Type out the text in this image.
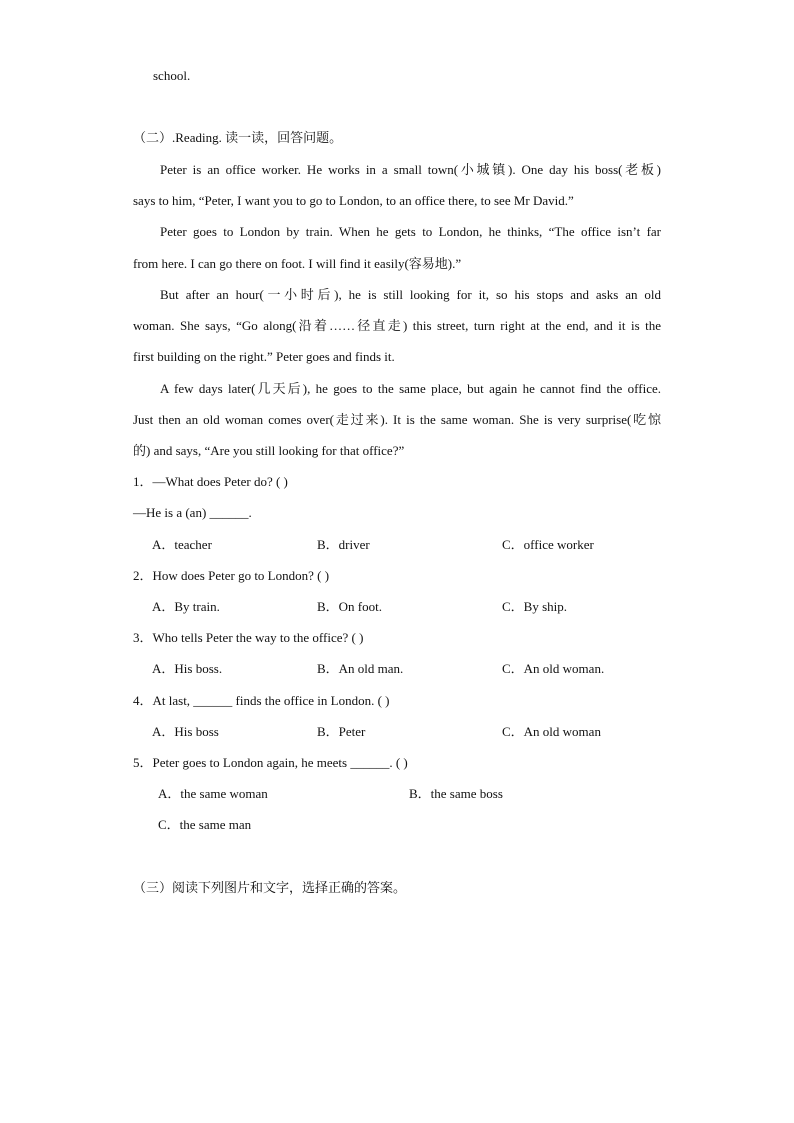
school.
（二）.Reading. 读一读，回答问题。
Peter is an office worker. He works in a small town(小城镇). One day his boss(老板)
says to him, “Peter, I want you to go to London, to an office there, to see Mr David.”
Peter goes to London by train. When he gets to London, he thinks, “The office isn’t far
from here. I can go there on foot. I will find it easily(容易地).”
But after an hour(一小时后), he is still looking for it, so his stops and asks an old
woman. She says, “Go along(沿着……径直走) this street, turn right at the end, and it is the
first building on the right.” Peter goes and finds it.
A few days later(几天后), he goes to the same place, but again he cannot find the office.
Just then an old woman comes over(走过来). It is the same woman. She is very surprise(吃惊
的) and says, “Are you still looking for that office?”
1．—What does Peter do? ( )
—He is a (an) ______.
A．teacher	B．driver	C．office worker
2．How does Peter go to London? ( )
A．By train.	B．On foot.	C．By ship.
3．Who tells Peter the way to the office? ( )
A．His boss.	B．An old man.	C．An old woman.
4．At last, ______ finds the office in London. ( )
A．His boss	B．Peter	C．An old woman
5．Peter goes to London again, he meets ______. ( )
A．the same woman	B．the same boss
C．the same man
（三）阅读下列图片和文字，选择正确的答案。
